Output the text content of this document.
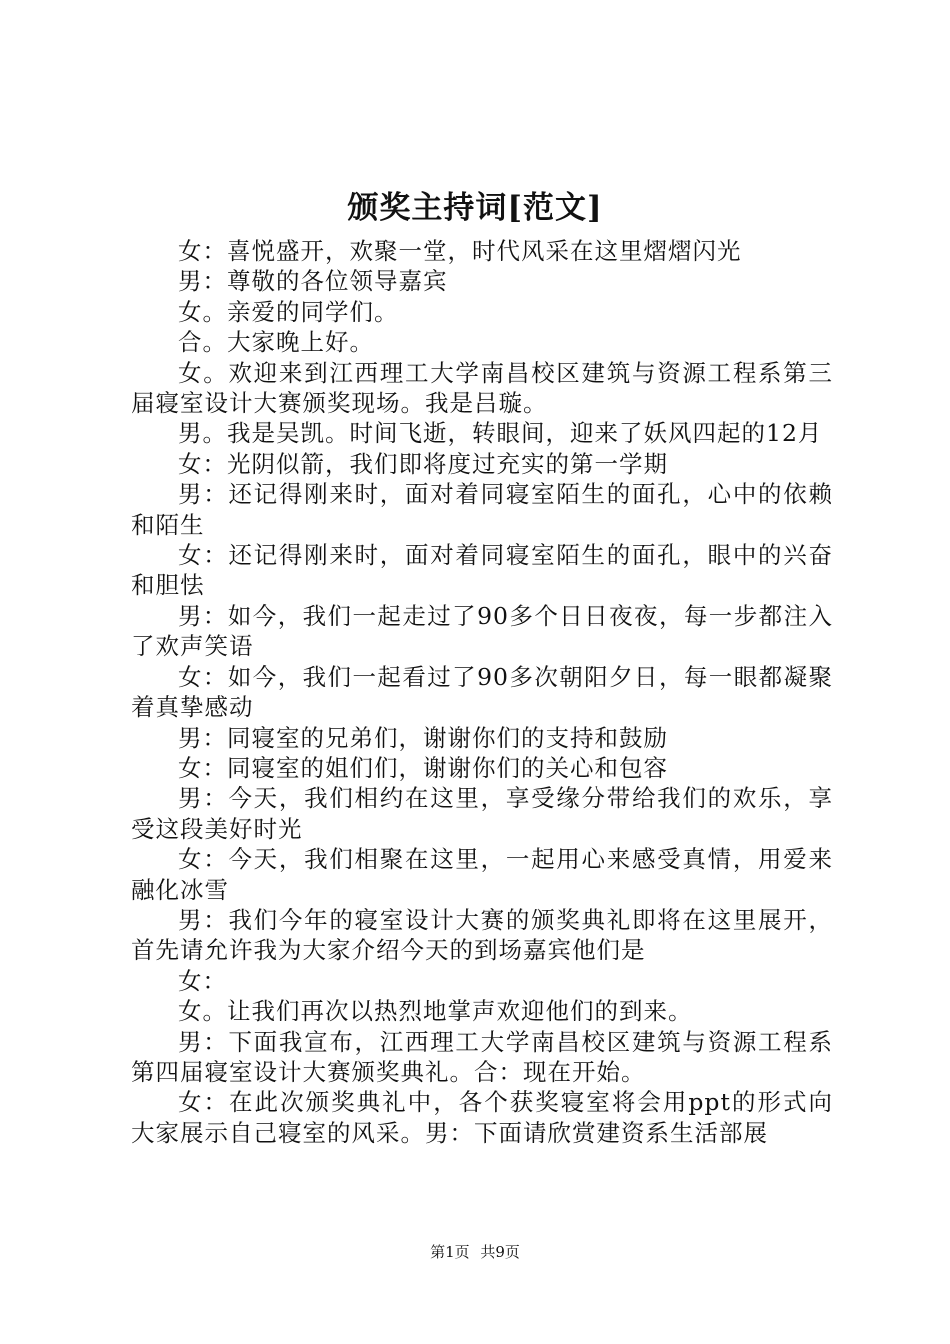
颁奖主持词[范文]

女：喜悦盛开，欢聚一堂，时代风采在这里熠熠闪光

男：尊敬的各位领导嘉宾

女。亲爱的同学们。

合。大家晚上好。

女。欢迎来到江西理工大学南昌校区建筑与资源工程系第三届寝室设计大赛颁奖现场。我是吕璇。

男。我是吴凯。时间飞逝，转眼间，迎来了妖风四起的12月

女：光阴似箭，我们即将度过充实的第一学期

男：还记得刚来时，面对着同寝室陌生的面孔，心中的依赖和陌生

女：还记得刚来时，面对着同寝室陌生的面孔，眼中的兴奋和胆怯

男：如今，我们一起走过了90多个日日夜夜，每一步都注入了欢声笑语

女：如今，我们一起看过了90多次朝阳夕日，每一眼都凝聚着真挚感动

男：同寝室的兄弟们，谢谢你们的支持和鼓励

女：同寝室的姐们们，谢谢你们的关心和包容

男：今天，我们相约在这里，享受缘分带给我们的欢乐，享受这段美好时光

女：今天，我们相聚在这里，一起用心来感受真情，用爱来融化冰雪

男：我们今年的寝室设计大赛的颁奖典礼即将在这里展开，首先请允许我为大家介绍今天的到场嘉宾他们是

女：

女。让我们再次以热烈地掌声欢迎他们的到来。

男：下面我宣布，江西理工大学南昌校区建筑与资源工程系第四届寝室设计大赛颁奖典礼。合：现在开始。

女：在此次颁奖典礼中，各个获奖寝室将会用ppt的形式向大家展示自己寝室的风采。男：下面请欣赏建资系生活部展

第1页 共9页
